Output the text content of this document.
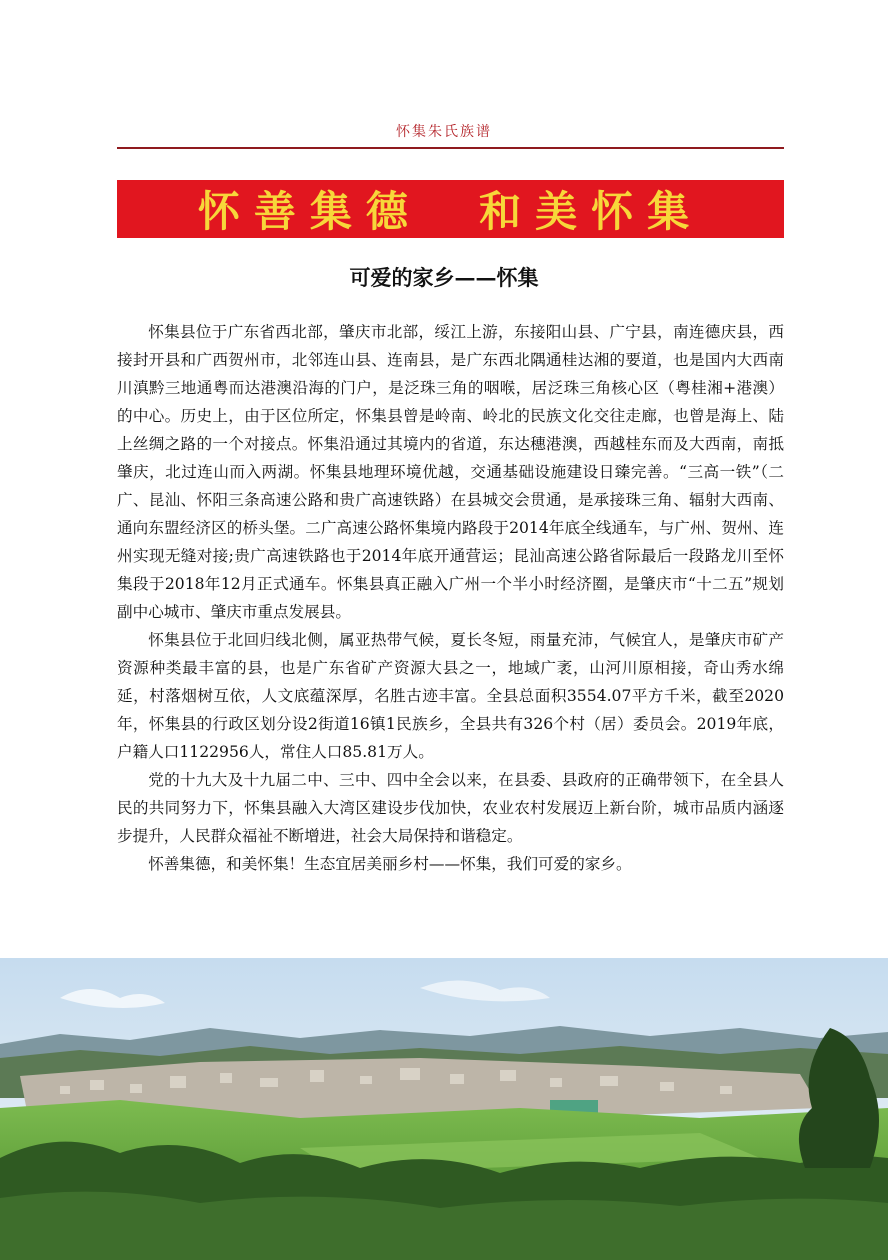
怀集朱氏族谱
怀善集德  和美怀集
可爱的家乡——怀集

怀集县位于广东省西北部，肇庆市北部，绥江上游，东接阳山县、广宁县，南连德庆县，西接封开县和广西贺州市，北邻连山县、连南县，是广东西北隅通桂达湘的要道，也是国内大西南川滇黔三地通粤而达港澳沿海的门户，是泛珠三角的咽喉，居泛珠三角核心区（粤桂湘+港澳）的中心。历史上，由于区位所定，怀集县曾是岭南、岭北的民族文化交往走廊，也曾是海上、陆上丝绸之路的一个对接点。怀集沿通过其境内的省道，东达穗港澳，西越桂东而及大西南，南抵肇庆，北过连山而入两湖。怀集县地理环境优越，交通基础设施建设日臻完善。“三高一铁”（二广、昆汕、怀阳三条高速公路和贵广高速铁路）在县城交会贯通，是承接珠三角、辐射大西南、通向东盟经济区的桥头堡。二广高速公路怀集境内路段于2014年底全线通车，与广州、贺州、连州实现无缝对接;贵广高速铁路也于2014年底开通营运；昆汕高速公路省际最后一段路龙川至怀集段于2018年12月正式通车。怀集县真正融入广州一个半小时经济圈，是肇庆市“十二五”规划副中心城市、肇庆市重点发展县。

怀集县位于北回归线北侧，属亚热带气候，夏长冬短，雨量充沛，气候宜人，是肇庆市矿产资源种类最丰富的县，也是广东省矿产资源大县之一，地域广袤，山河川原相接，奇山秀水绵延，村落烟树互依，人文底蕴深厚，名胜古迹丰富。全县总面积3554.07平方千米，截至2020年，怀集县的行政区划分设2街道16镇1民族乡，全县共有326个村（居）委员会。2019年底，户籍人口1122956人，常住人口85.81万人。

党的十九大及十九届二中、三中、四中全会以来，在县委、县政府的正确带领下，在全县人民的共同努力下，怀集县融入大湾区建设步伐加快，农业农村发展迈上新台阶，城市品质内涵逐步提升，人民群众福祉不断增进，社会大局保持和谐稳定。

怀善集德，和美怀集！生态宜居美丽乡村——怀集，我们可爱的家乡。
